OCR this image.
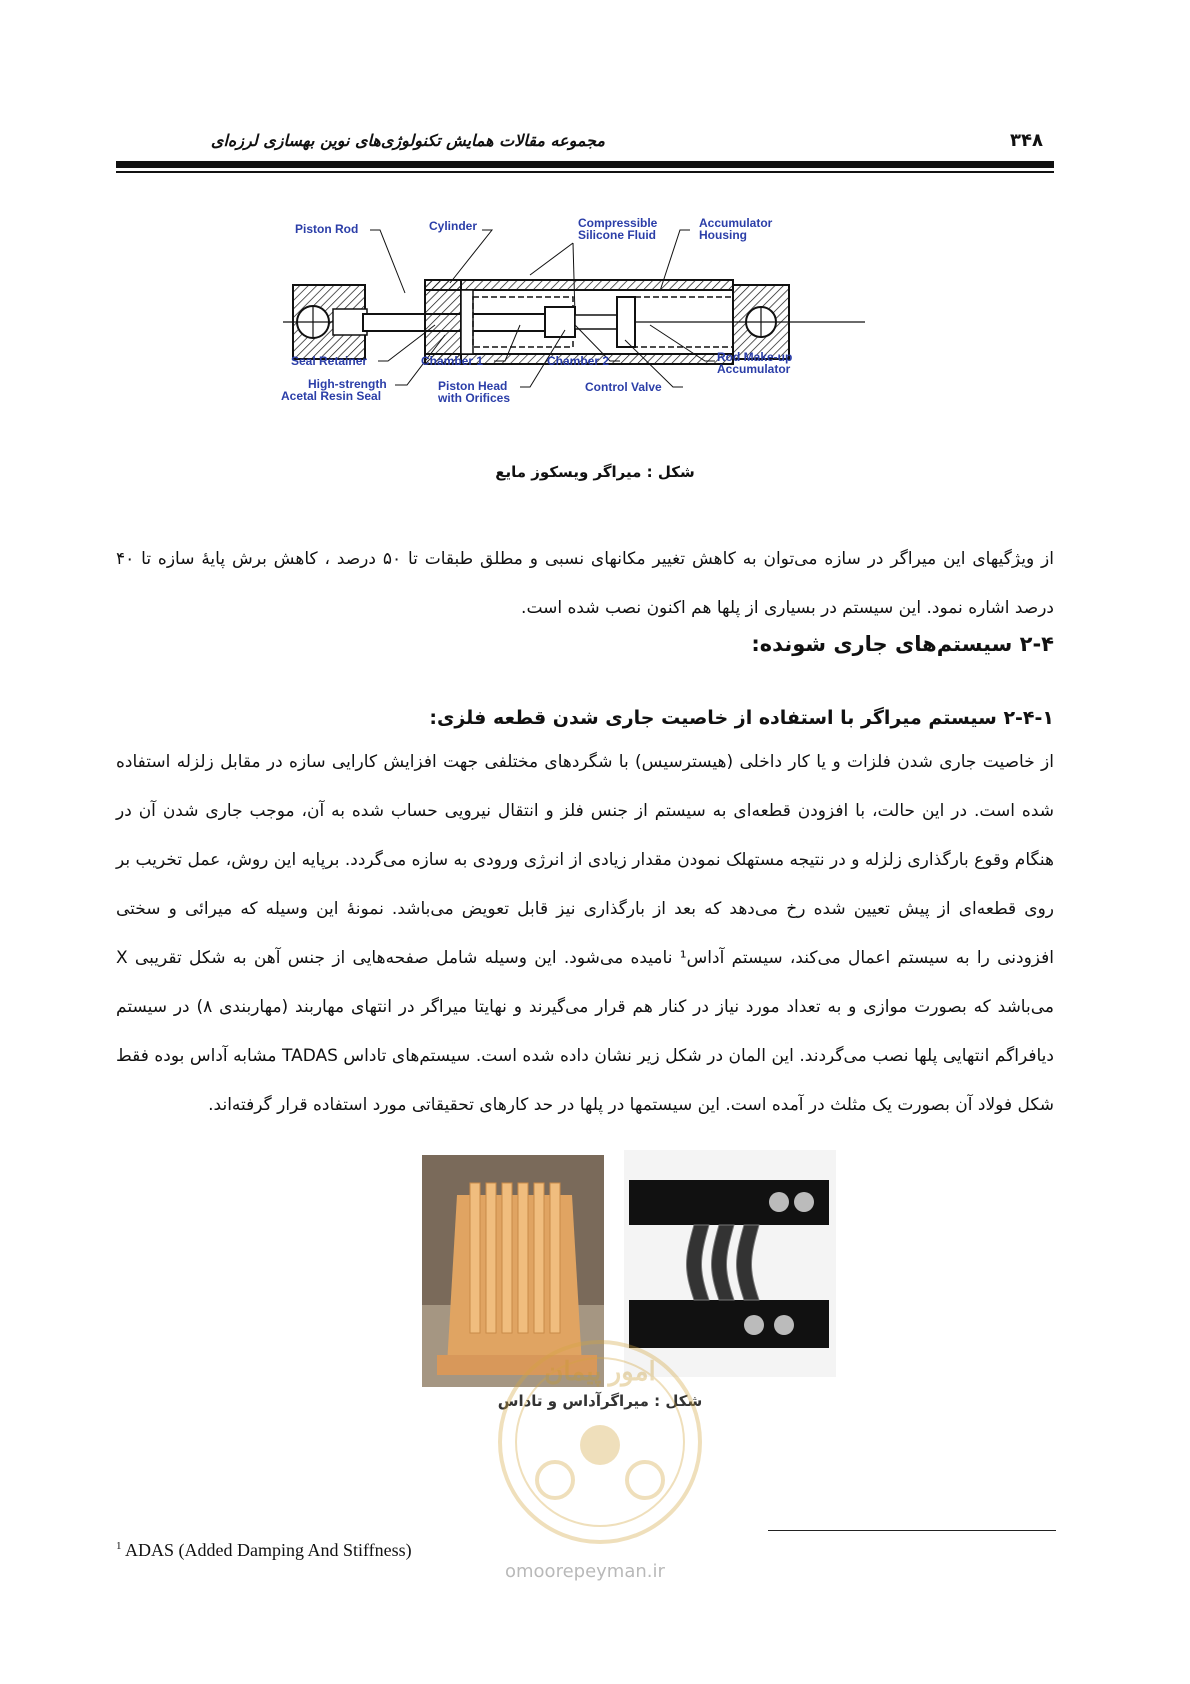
مجموعه مقالات همایش تکنولوژی‌های نوین بهسازی لرزه‌ای	۳۴۸
Piston Rod	Cylinder	Compressible
Silicone Fluid
Accumulator
Housing
Seal Retainer	Chamber 1	Chamber 2	Rod Make-up
Accumulator
High-strength
Acetal Resin Seal
Piston Head
with Orifices
Control Valve
شکل : میراگر ویسکوز مایع
از ویژگیهای این میراگر در سازه می‌توان به کاهش تغییر مکانهای نسبی و مطلق طبقات تا ۵۰ درصد ، کاهش برش پایهٔ سازه تا ۴۰ درصد اشاره نمود. این سیستم در بسیاری از پلها هم اکنون نصب شده است.
۲-۴ سیستم‌های جاری شونده:
۲-۴-۱ سیستم میراگر با استفاده از خاصیت جاری شدن قطعه فلزی:
از خاصیت جاری شدن فلزات و یا کار داخلی (هیسترسیس) با شگردهای مختلفی جهت افزایش کارایی سازه در مقابل زلزله استفاده شده است. در این حالت، با افزودن قطعه‌ای به سیستم از جنس فلز و انتقال نیرویی حساب شده به آن، موجب جاری شدن آن در هنگام وقوع بارگذاری زلزله و در نتیجه مستهلک نمودن مقدار زیادی از انرژی ورودی به سازه می‌گردد. برپایه این روش، عمل تخریب بر روی قطعه‌ای از پیش تعیین شده رخ می‌دهد که بعد از بارگذاری نیز قابل تعویض می‌باشد. نمونهٔ این وسیله که میرائی و سختی افزودنی را به سیستم اعمال می‌کند، سیستم آداس¹ نامیده می‌شود. این وسیله شامل صفحه‌هایی از جنس آهن به شکل تقریبی X می‌باشد که بصورت موازی و به تعداد مورد نیاز در کنار هم قرار می‌گیرند و نهایتا میراگر در انتهای مهاربند (مهاربندی ۸) در سیستم دیافراگم انتهایی پلها نصب می‌گردند. این المان در شکل زیر نشان داده شده است. سیستم‌های تاداس TADAS مشابه آداس بوده فقط شکل فولاد آن بصورت یک مثلث در آمده است. این سیستمها در پلها در حد کارهای تحقیقاتی مورد استفاده قرار گرفته‌اند.
شکل : میراگرآداس و تاداس
امور پیمان
omoorepeyman.ir
$^1$ ADAS (Added Damping And Stiffness)
